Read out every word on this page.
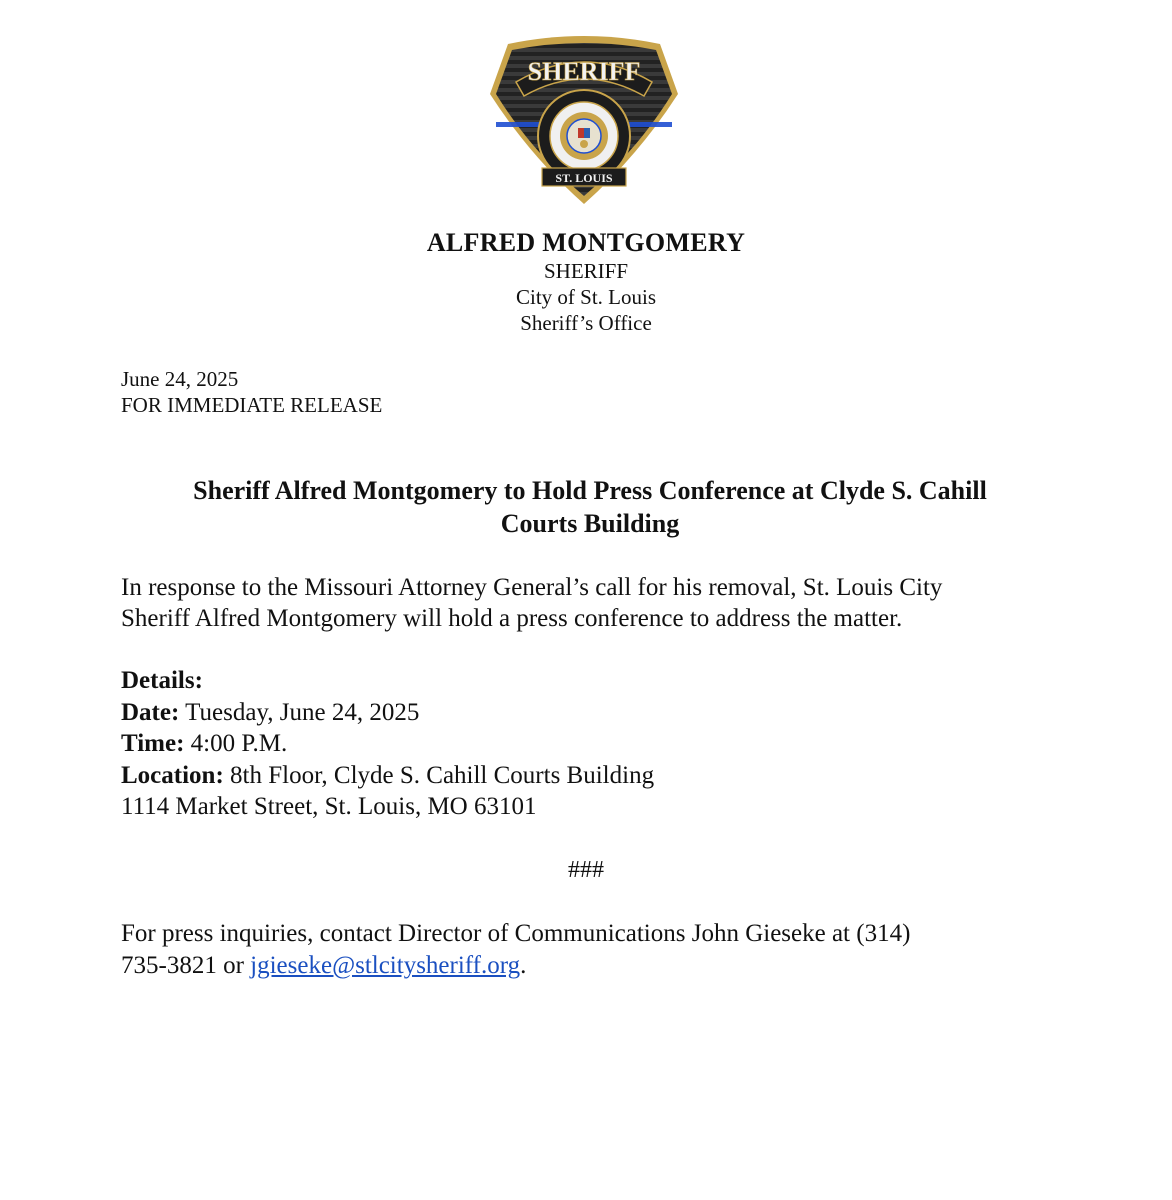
SHERIFF
ST. LOUIS
ALFRED MONTGOMERY
SHERIFF
City of St. Louis
Sheriff’s Office
June 24, 2025
FOR IMMEDIATE RELEASE
Sheriff Alfred Montgomery to Hold Press Conference at Clyde S. Cahill
Courts Building
In response to the Missouri Attorney General’s call for his removal, St. Louis City
Sheriff Alfred Montgomery will hold a press conference to address the matter.
Details:
Date: Tuesday, June 24, 2025
Time: 4:00 P.M.
Location: 8th Floor, Clyde S. Cahill Courts Building
1114 Market Street, St. Louis, MO 63101
###
For press inquiries, contact Director of Communications John Gieseke at (314)
735-3821 or jgieseke@stlcitysheriff.org.
